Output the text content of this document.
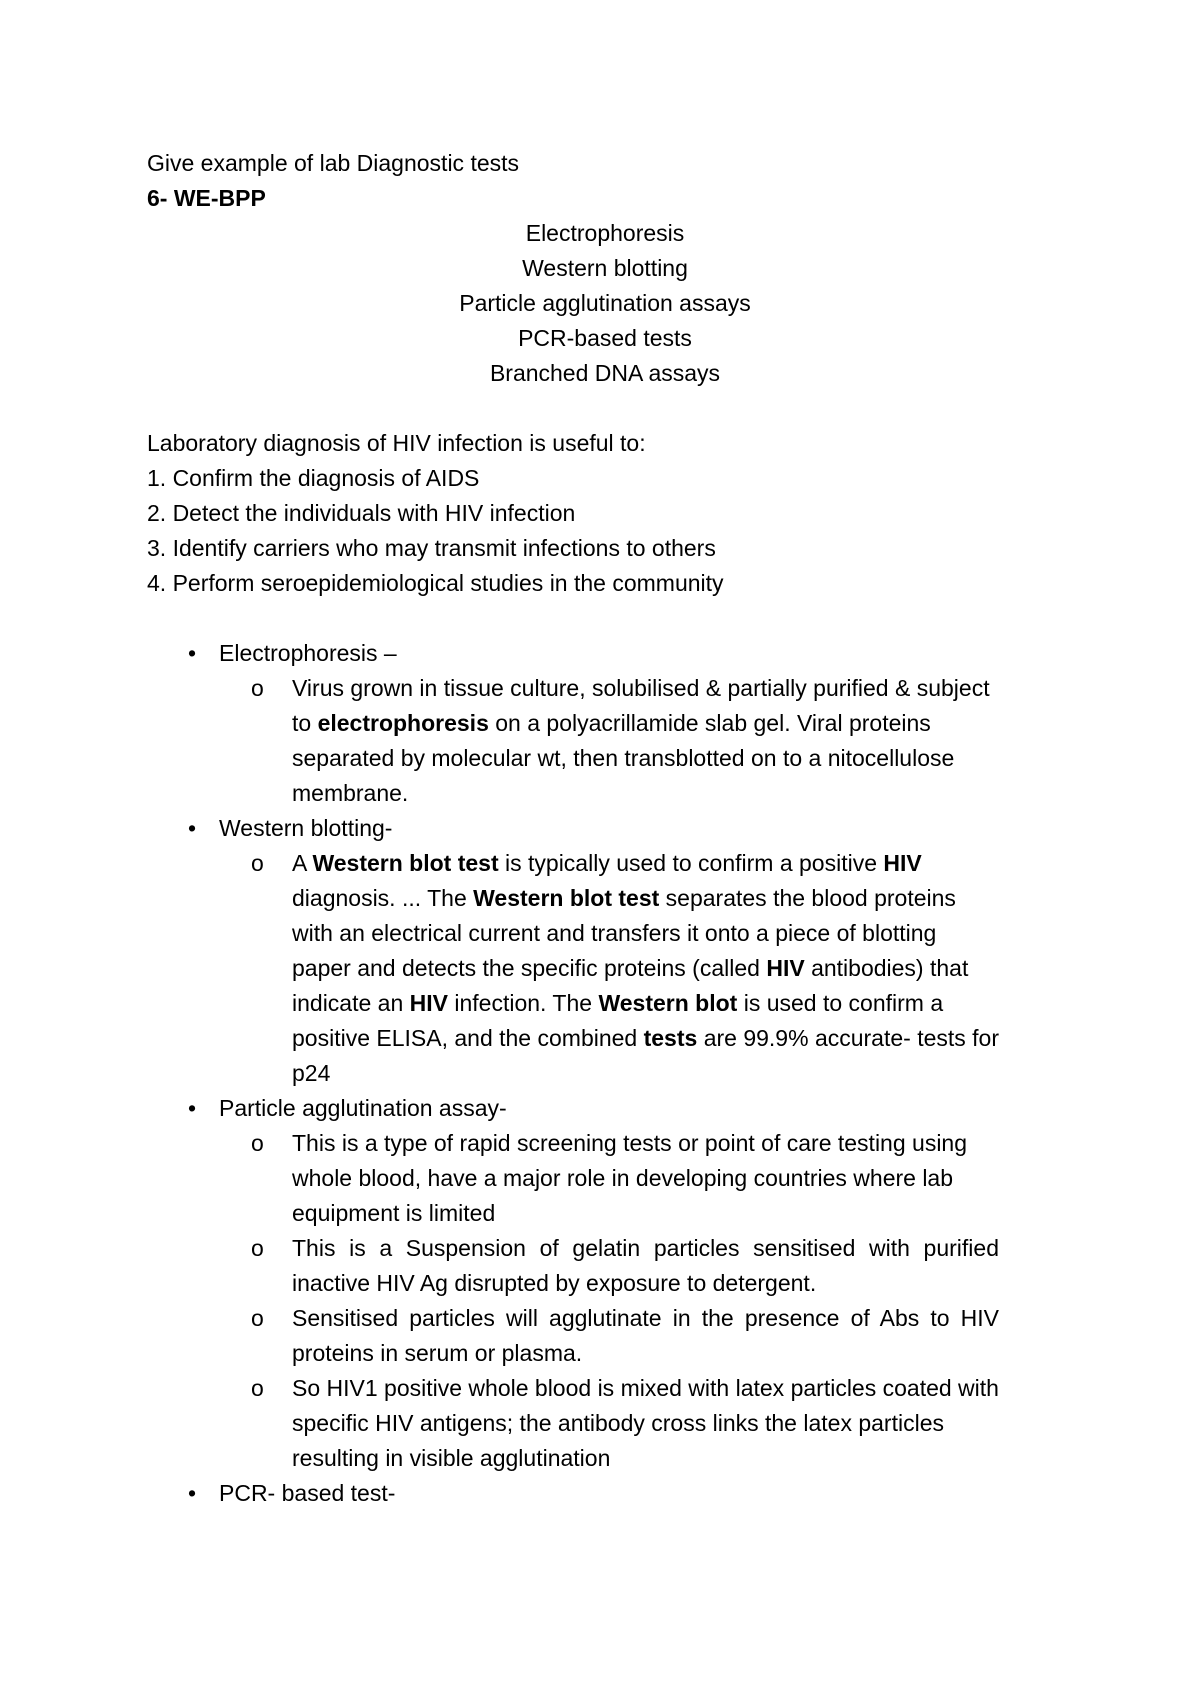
Give example of lab Diagnostic tests

6- WE-BPP

Electrophoresis

Western blotting

Particle agglutination assays

PCR-based tests

Branched DNA assays

Laboratory diagnosis of HIV infection is useful to:

1. Confirm the diagnosis of AIDS

2. Detect the individuals with HIV infection

3. Identify carriers who may transmit infections to others

4. Perform seroepidemiological studies in the community

• Electrophoresis –
o	Virus grown in tissue culture, solubilised & partially purified & subject to electrophoresis on a polyacrillamide slab gel. Viral proteins separated by molecular wt, then transblotted on to a nitocellulose membrane.
• Western blotting-
o	A Western blot test is typically used to confirm a positive HIV diagnosis. ... The Western blot test separates the blood proteins with an electrical current and transfers it onto a piece of blotting paper and detects the specific proteins (called HIV antibodies) that indicate an HIV infection. The Western blot is used to confirm a positive ELISA, and the combined tests are 99.9% accurate- tests for p24
• Particle agglutination assay-
o	This is a type of rapid screening tests or point of care testing using whole blood, have a major role in developing countries where lab equipment is limited
o	This is a Suspension of gelatin particles sensitised with purified inactive HIV Ag disrupted by exposure to detergent.
o	Sensitised particles will agglutinate in the presence of Abs to HIV proteins in serum or plasma.
o	So HIV1 positive whole blood is mixed with latex particles coated with specific HIV antigens; the antibody cross links the latex particles resulting in visible agglutination
• PCR- based test-
